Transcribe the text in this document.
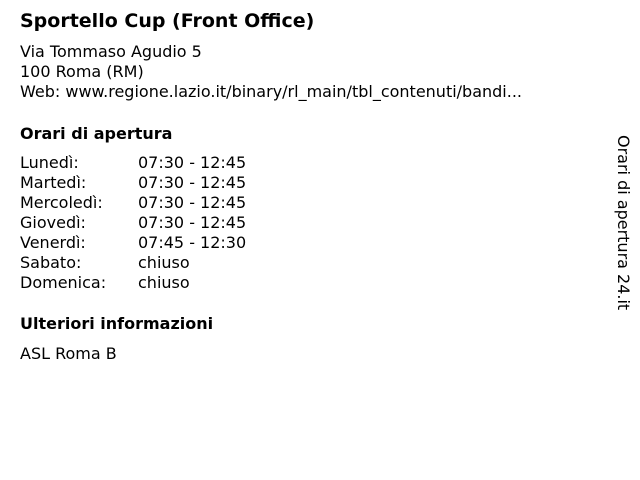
Sportello Cup (Front Office)
Via Tommaso Agudio 5
100 Roma (RM)
Web: www.regione.lazio.it/binary/rl_main/tbl_contenuti/bandi...
Orari di apertura
Lunedì:	07:30 - 12:45
Martedì:	07:30 - 12:45
Mercoledì:	07:30 - 12:45
Giovedì:	07:30 - 12:45
Venerdì:	07:45 - 12:30
Sabato:	chiuso
Domenica:	chiuso
Ulteriori informazioni
ASL Roma B
Orari di apertura 24.it
